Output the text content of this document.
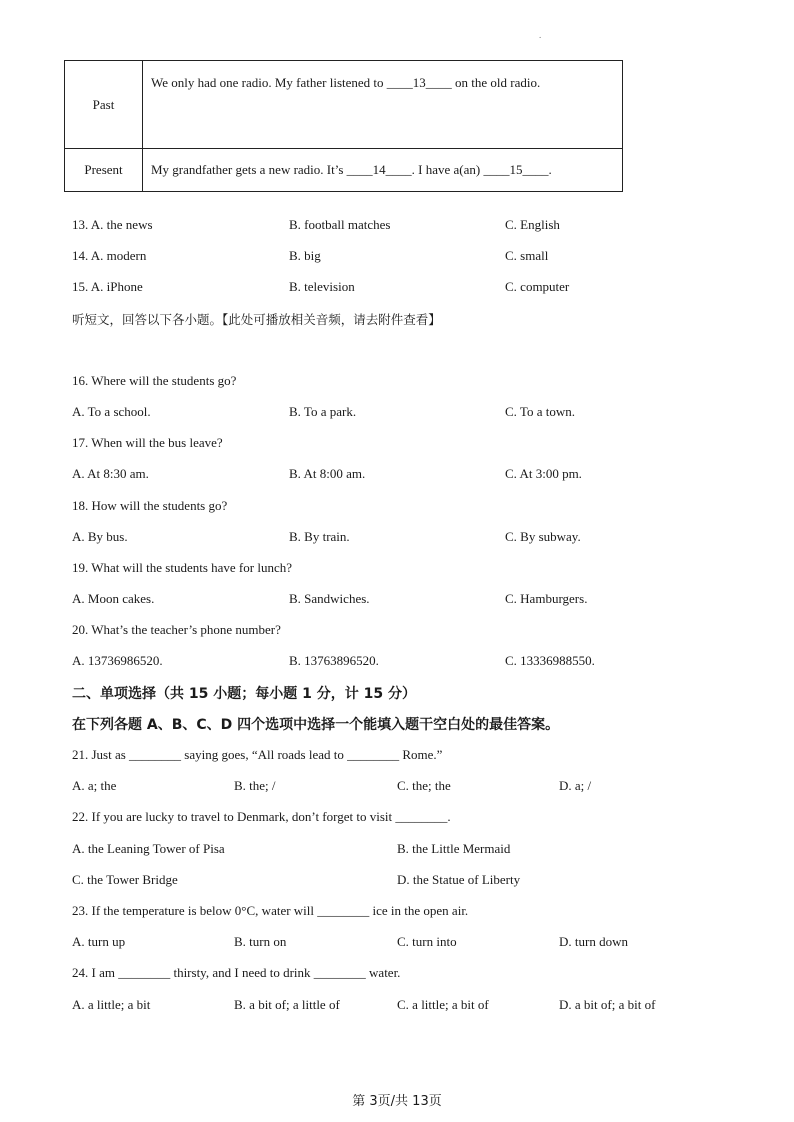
.
Past	We only had one radio. My father listened to ____13____ on the old radio.
Present	My grandfather gets a new radio. It’s ____14____. I have a(an) ____15____.
13. A. the news	B. football matches	C. English
14. A. modern	B. big	C. small
15. A. iPhone	B. television	C. computer
听短文，回答以下各小题。【此处可播放相关音频，请去附件查看】
16. Where will the students go?
A. To a school.	B. To a park.	C. To a town.
17. When will the bus leave?
A. At 8:30 am.	B. At 8:00 am.	C. At 3:00 pm.
18. How will the students go?
A. By bus.	B. By train.	C. By subway.
19. What will the students have for lunch?
A. Moon cakes.	B. Sandwiches.	C. Hamburgers.
20. What’s the teacher’s phone number?
A. 13736986520.	B. 13763896520.	C. 13336988550.
二、单项选择（共 15 小题；每小题 1 分，计 15 分）
在下列各题 A、B、C、D 四个选项中选择一个能填入题干空白处的最佳答案。
21. Just as ________ saying goes, “All roads lead to ________ Rome.”
A. a; the	B. the; /	C. the; the	D. a; /
22. If you are lucky to travel to Denmark, don’t forget to visit ________.
A. the Leaning Tower of Pisa	B. the Little Mermaid
C. the Tower Bridge	D. the Statue of Liberty
23. If the temperature is below 0°C, water will ________ ice in the open air.
A. turn up	B. turn on	C. turn into	D. turn down
24. I am ________ thirsty, and I need to drink ________ water.
A. a little; a bit	B. a bit of; a little of	C. a little; a bit of	D. a bit of; a bit of
第 3页/共 13页
